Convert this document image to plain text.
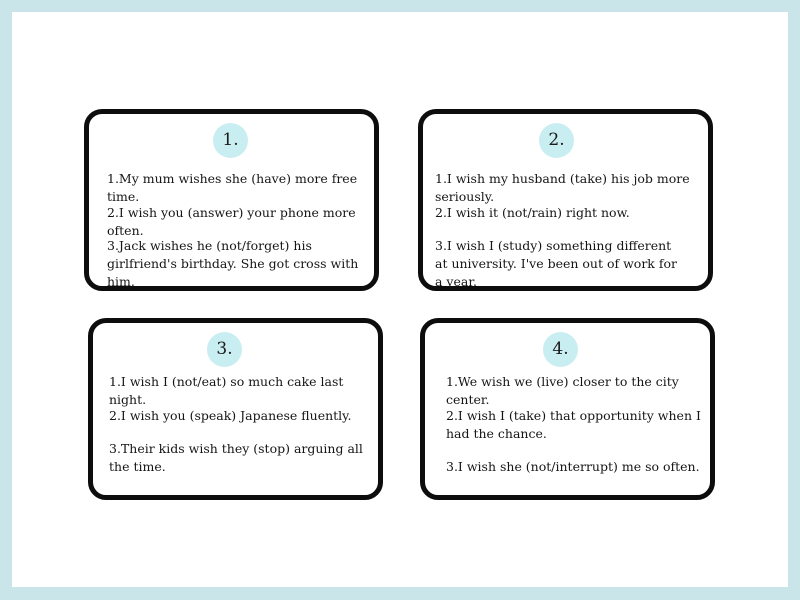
1.

1.My mum wishes she (have) more free time.

2.I wish you (answer) your phone more often.

3.Jack wishes he (not/forget) his girlfriend's birthday. She got cross with him.

2.

1.I wish my husband (take) his job more seriously.

2.I wish it (not/rain) right now.

3.I wish I (study) something different at university. I've been out of work for a year.

3.

1.I wish I (not/eat) so much cake last night.

2.I wish you (speak) Japanese fluently.

3.Their kids wish they (stop) arguing all the time.

4.

1.We wish we (live) closer to the city center.

2.I wish I (take) that opportunity when I had the chance.

3.I wish she (not/interrupt) me so often.
